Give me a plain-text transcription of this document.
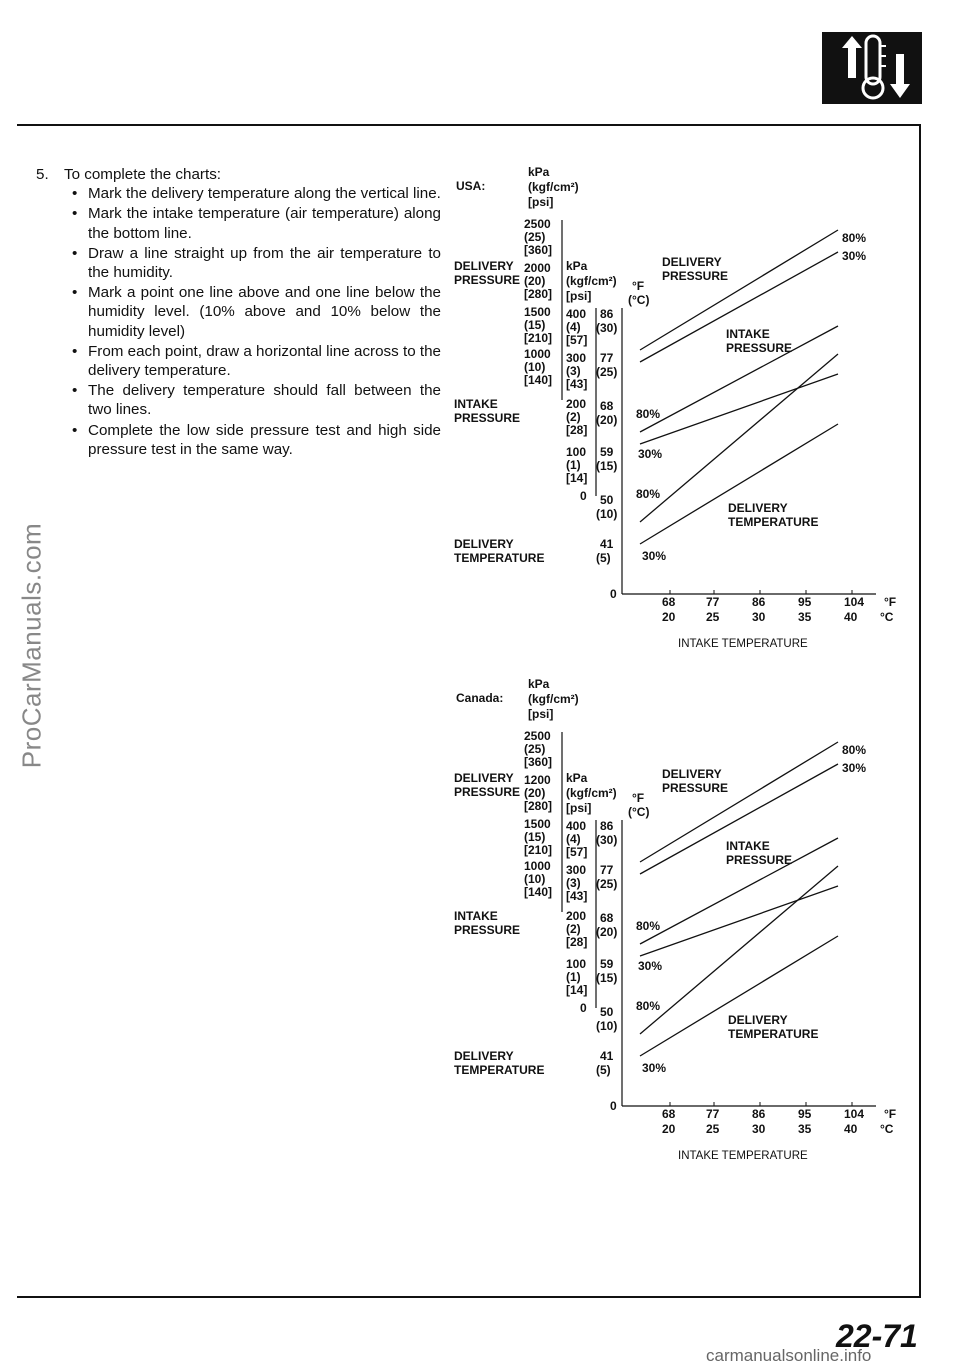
ProCarManuals.com
5.	To complete the charts:
• Mark the delivery temperature along the vertical line.
• Mark the intake temperature (air temperature) along the bottom line.
• Draw a line straight up from the air temperature to the humidity.
• Mark a point one line above and one line below the humidity level. (10% above and 10% below the humidity level)
• From each point, draw a horizontal line across to the delivery temperature.
• The delivery temperature should fall between the two lines.
• Complete the low side pressure test and high side pressure test in the same way.
USA:
kPa
(kgf/cm²)
[psi]
DELIVERY
PRESSURE
INTAKE
PRESSURE
DELIVERY
TEMPERATURE
2500
(25)
[360]
2000
(20)
[280]
1500
(15)
[210]
1000
(10)
[140]
kPa
(kgf/cm²)
[psi]
400
(4)
[57]
300
(3)
[43]
200
(2)
[28]
100
(1)
[14]
0
°F
(°C)
86
(30)
77
(25)
68
(20)
59
(15)
50
(10)
41
(5)
0
68
20
77
25
86
30
95
35
104
40
°F
°C
INTAKE TEMPERATURE
80%
30%
DELIVERY
PRESSURE
INTAKE
PRESSURE
80%
30%
80%
30%
DELIVERY
TEMPERATURE
Canada:
kPa
(kgf/cm²)
[psi]
DELIVERY
PRESSURE
INTAKE
PRESSURE
DELIVERY
TEMPERATURE
2500
(25)
[360]
1200
(20)
[280]
1500
(15)
[210]
1000
(10)
[140]
kPa
(kgf/cm²)
[psi]
400
(4)
[57]
300
(3)
[43]
200
(2)
[28]
100
(1)
[14]
0
°F
(°C)
86
(30)
77
(25)
68
(20)
59
(15)
50
(10)
41
(5)
0
68
20
77
25
86
30
95
35
104
40
°F
°C
INTAKE TEMPERATURE
80%
30%
DELIVERY
PRESSURE
INTAKE
PRESSURE
80%
30%
80%
30%
DELIVERY
TEMPERATURE
22-71
carmanualsonline.info
